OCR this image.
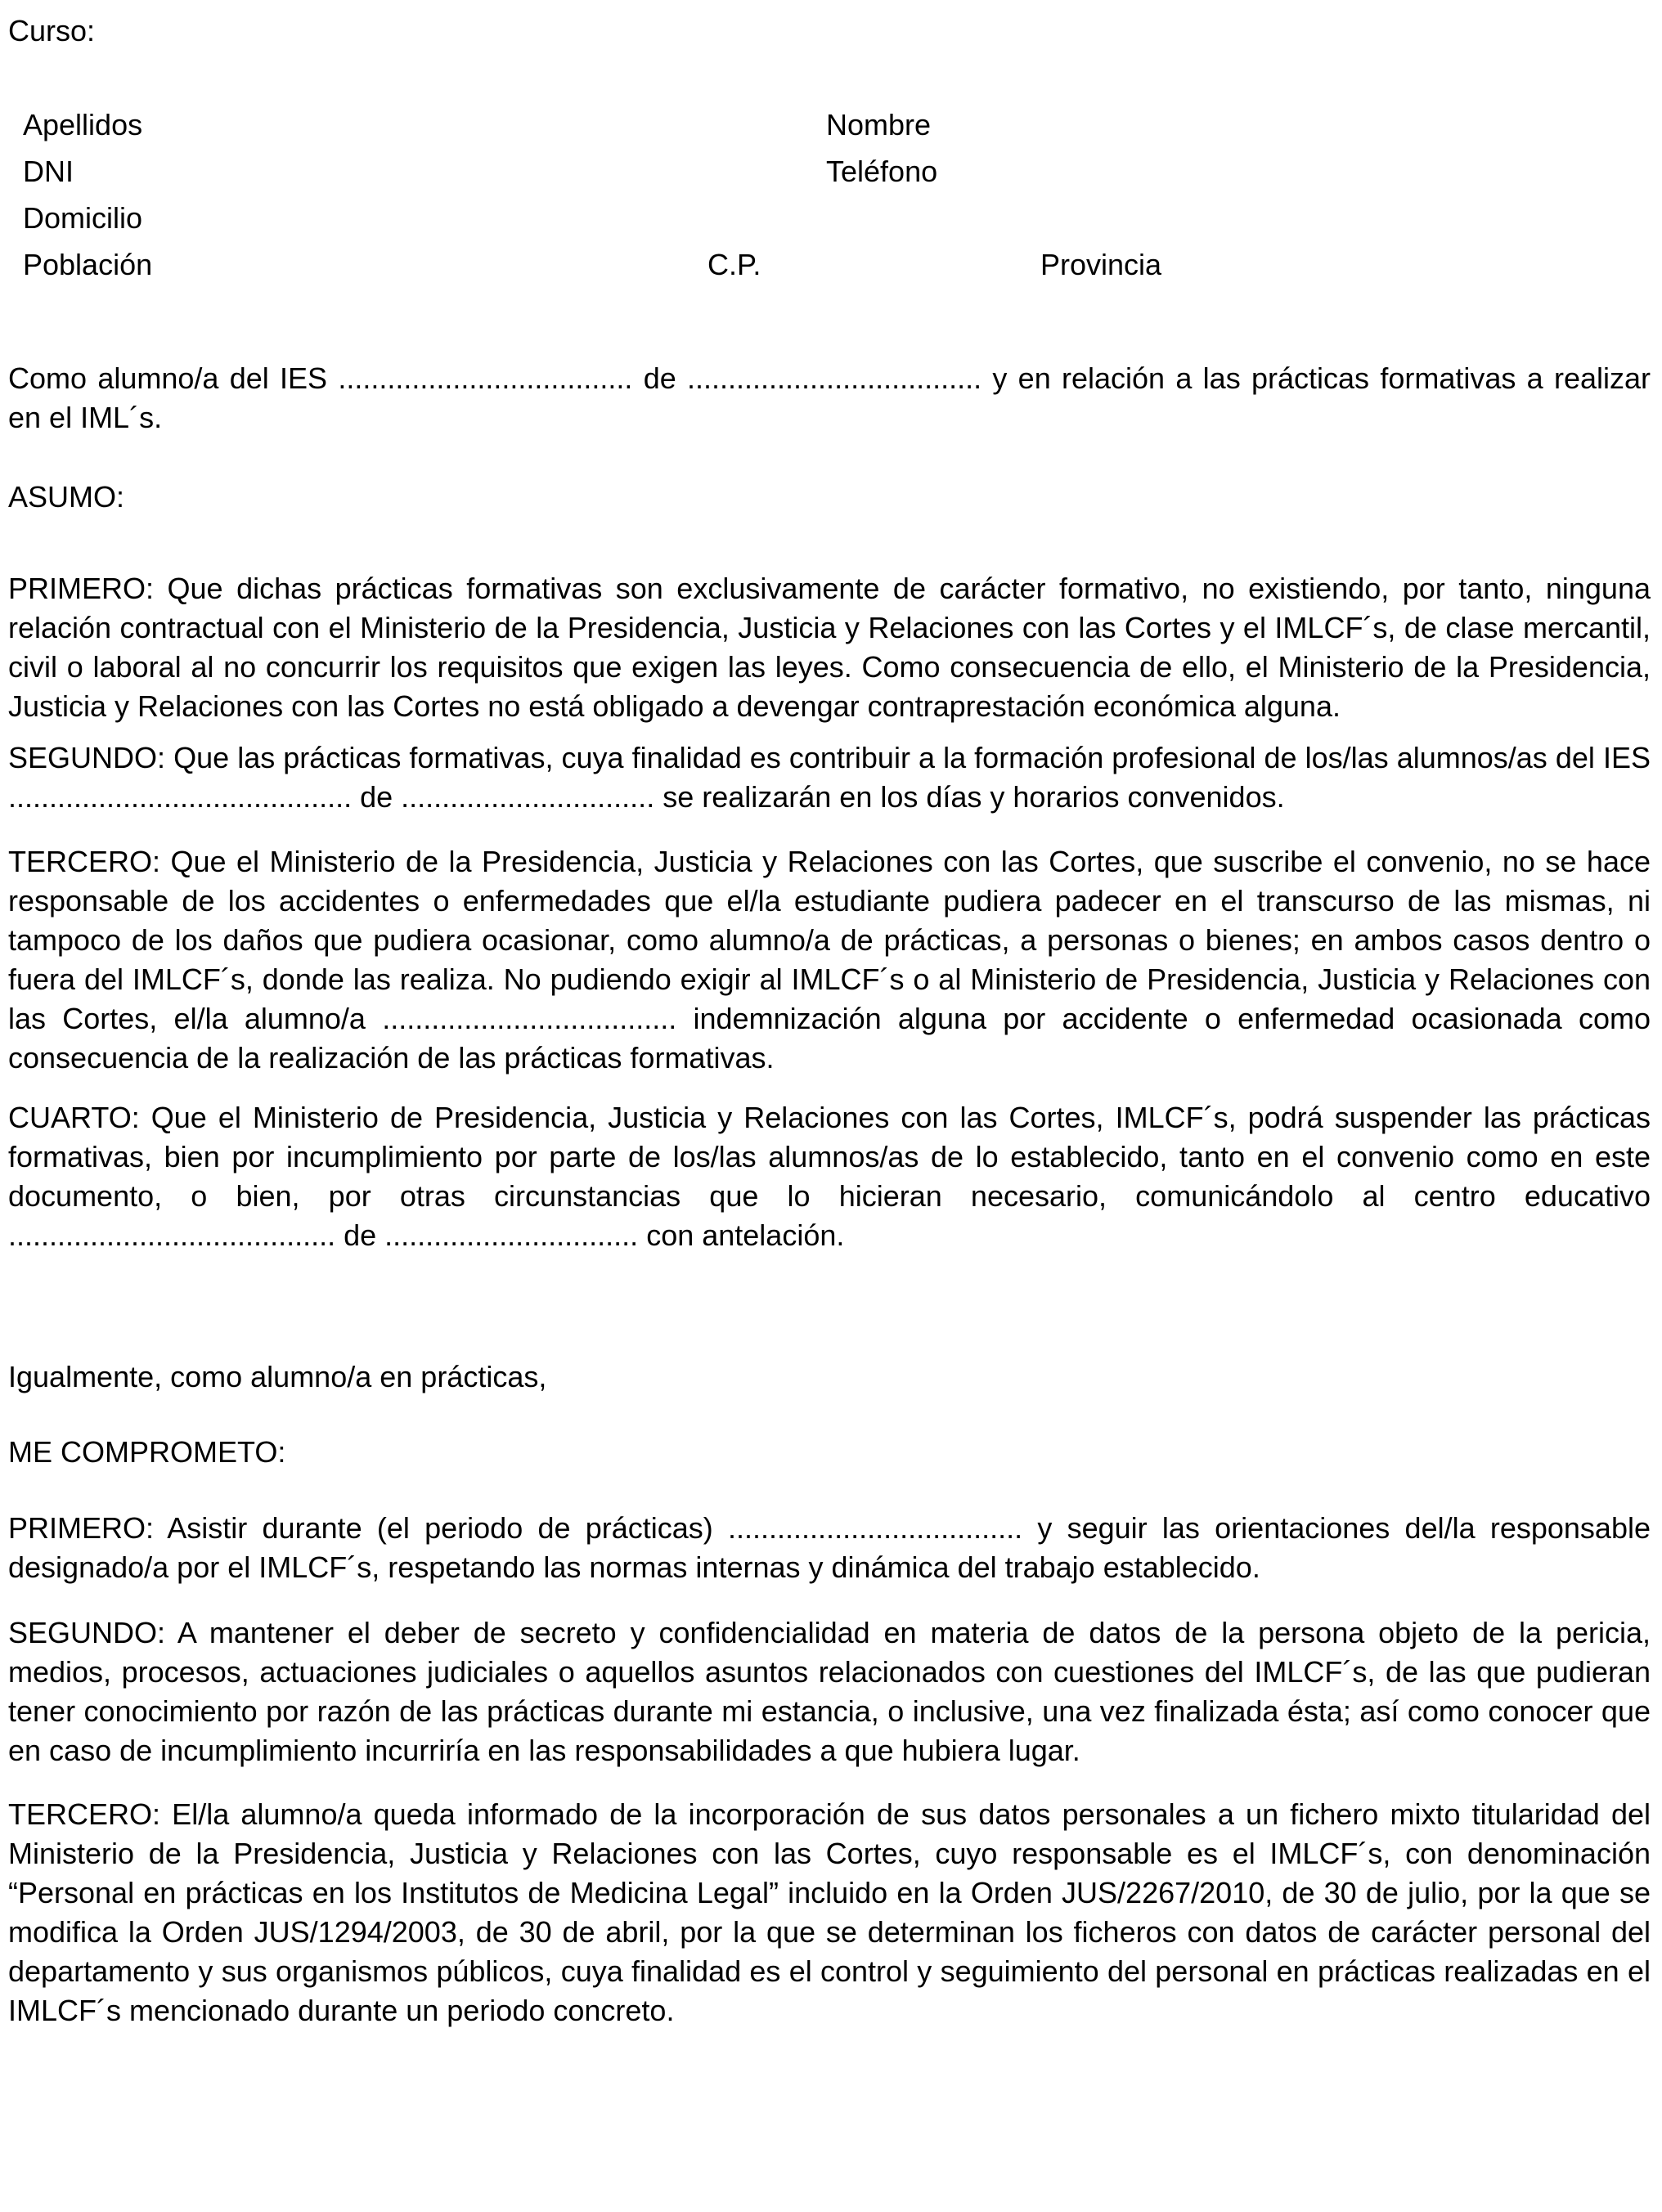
Curso:
Apellidos	Nombre
DNI	Teléfono
Domicilio
Población	C.P.	Provincia

Como alumno/a del IES .................................... de .................................... y en relación a las prácticas formativas a realizar en el IML´s.

ASUMO:

PRIMERO: Que dichas prácticas formativas son exclusivamente de carácter formativo, no existiendo, por tanto, ninguna relación contractual con el Ministerio de la Presidencia, Justicia y Relaciones con las Cortes y el IMLCF´s, de clase mercantil, civil o laboral al no concurrir los requisitos que exigen las leyes. Como consecuencia de ello, el Ministerio de la Presidencia, Justicia y Relaciones con las Cortes no está obligado a devengar contraprestación económica alguna.

SEGUNDO: Que las prácticas formativas, cuya finalidad es contribuir a la formación profesional de los/las alumnos/as del IES .......................................... de ............................... se realizarán en los días y horarios convenidos.

TERCERO: Que el Ministerio de la Presidencia, Justicia y Relaciones con las Cortes, que suscribe el convenio, no se hace responsable de los accidentes o enfermedades que el/la estudiante pudiera padecer en el transcurso de las mismas, ni tampoco de los daños que pudiera ocasionar, como alumno/a de prácticas, a personas o bienes; en ambos casos dentro o fuera del IMLCF´s, donde las realiza. No pudiendo exigir al IMLCF´s o al Ministerio de Presidencia, Justicia y Relaciones con las Cortes, el/la alumno/a .................................... indemnización alguna por accidente o enfermedad ocasionada como consecuencia de la realización de las prácticas formativas.

CUARTO: Que el Ministerio de Presidencia, Justicia y Relaciones con las Cortes, IMLCF´s, podrá suspender las prácticas formativas, bien por incumplimiento por parte de los/las alumnos/as de lo establecido, tanto en el convenio como en este documento, o bien, por otras circunstancias que lo hicieran necesario, comunicándolo al centro educativo ........................................ de ............................... con antelación.

Igualmente, como alumno/a en prácticas,

ME COMPROMETO:

PRIMERO: Asistir durante (el periodo de prácticas) .................................... y seguir las orientaciones del/la responsable designado/a por el IMLCF´s, respetando las normas internas y dinámica del trabajo establecido.

SEGUNDO: A mantener el deber de secreto y confidencialidad en materia de datos de la persona objeto de la pericia, medios, procesos, actuaciones judiciales o aquellos asuntos relacionados con cuestiones del IMLCF´s, de las que pudieran tener conocimiento por razón de las prácticas durante mi estancia, o inclusive, una vez finalizada ésta; así como conocer que en caso de incumplimiento incurriría en las responsabilidades a que hubiera lugar.

TERCERO: El/la alumno/a queda informado de la incorporación de sus datos personales a un fichero mixto titularidad del Ministerio de la Presidencia, Justicia y Relaciones con las Cortes, cuyo responsable es el IMLCF´s, con denominación “Personal en prácticas en los Institutos de Medicina Legal” incluido en la Orden JUS/2267/2010, de 30 de julio, por la que se modifica la Orden JUS/1294/2003, de 30 de abril, por la que se determinan los ficheros con datos de carácter personal del departamento y sus organismos públicos, cuya finalidad es el control y seguimiento del personal en prácticas realizadas en el IMLCF´s mencionado durante un periodo concreto.
